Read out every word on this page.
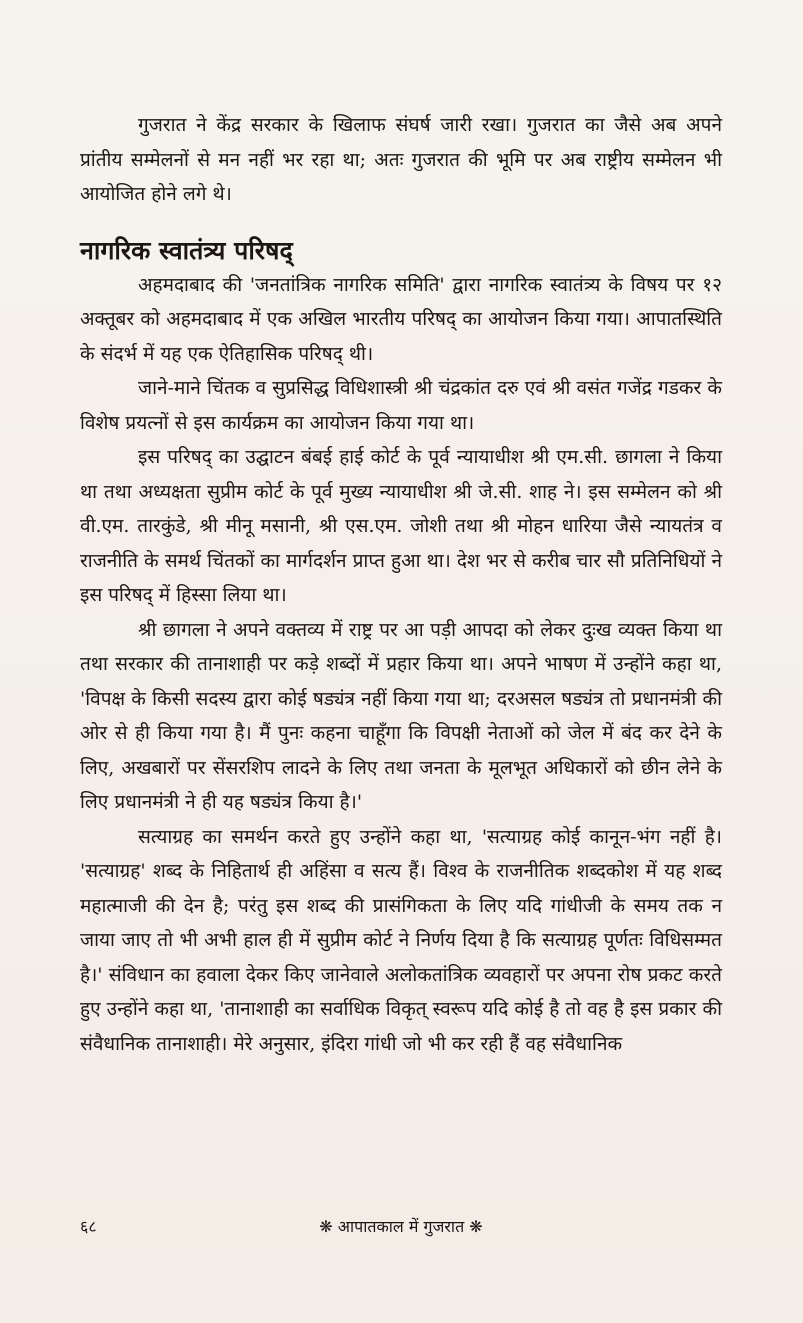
गुजरात ने केंद्र सरकार के खिलाफ संघर्ष जारी रखा। गुजरात का जैसे अब अपने प्रांतीय सम्मेलनों से मन नहीं भर रहा था; अतः गुजरात की भूमि पर अब राष्ट्रीय सम्मेलन भी आयोजित होने लगे थे।

नागरिक स्वातंत्र्य परिषद्

अहमदाबाद की 'जनतांत्रिक नागरिक समिति' द्वारा नागरिक स्वातंत्र्य के विषय पर १२ अक्तूबर को अहमदाबाद में एक अखिल भारतीय परिषद् का आयोजन किया गया। आपातस्थिति के संदर्भ में यह एक ऐतिहासिक परिषद् थी।

जाने-माने चिंतक व सुप्रसिद्ध विधिशास्त्री श्री चंद्रकांत दरु एवं श्री वसंत गजेंद्र गडकर के विशेष प्रयत्नों से इस कार्यक्रम का आयोजन किया गया था।

इस परिषद् का उद्घाटन बंबई हाई कोर्ट के पूर्व न्यायाधीश श्री एम.सी. छागला ने किया था तथा अध्यक्षता सुप्रीम कोर्ट के पूर्व मुख्य न्यायाधीश श्री जे.सी. शाह ने। इस सम्मेलन को श्री वी.एम. तारकुंडे, श्री मीनू मसानी, श्री एस.एम. जोशी तथा श्री मोहन धारिया जैसे न्यायतंत्र व राजनीति के समर्थ चिंतकों का मार्गदर्शन प्राप्त हुआ था। देश भर से करीब चार सौ प्रतिनिधियों ने इस परिषद् में हिस्सा लिया था।

श्री छागला ने अपने वक्तव्य में राष्ट्र पर आ पड़ी आपदा को लेकर दुःख व्यक्त किया था तथा सरकार की तानाशाही पर कड़े शब्दों में प्रहार किया था। अपने भाषण में उन्होंने कहा था, 'विपक्ष के किसी सदस्य द्वारा कोई षड्यंत्र नहीं किया गया था; दरअसल षड्यंत्र तो प्रधानमंत्री की ओर से ही किया गया है। मैं पुनः कहना चाहूँगा कि विपक्षी नेताओं को जेल में बंद कर देने के लिए, अखबारों पर सेंसरशिप लादने के लिए तथा जनता के मूलभूत अधिकारों को छीन लेने के लिए प्रधानमंत्री ने ही यह षड्यंत्र किया है।'

सत्याग्रह का समर्थन करते हुए उन्होंने कहा था, 'सत्याग्रह कोई कानून-भंग नहीं है। 'सत्याग्रह' शब्द के निहितार्थ ही अहिंसा व सत्य हैं। विश्व के राजनीतिक शब्दकोश में यह शब्द महात्माजी की देन है; परंतु इस शब्द की प्रासंगिकता के लिए यदि गांधीजी के समय तक न जाया जाए तो भी अभी हाल ही में सुप्रीम कोर्ट ने निर्णय दिया है कि सत्याग्रह पूर्णतः विधिसम्मत है।' संविधान का हवाला देकर किए जानेवाले अलोकतांत्रिक व्यवहारों पर अपना रोष प्रकट करते हुए उन्होंने कहा था, 'तानाशाही का सर्वाधिक विकृत् स्वरूप यदि कोई है तो वह है इस प्रकार की संवैधानिक तानाशाही। मेरे अनुसार, इंदिरा गांधी जो भी कर रही हैं वह संवैधानिक

६८	❋ आपातकाल में गुजरात ❋
